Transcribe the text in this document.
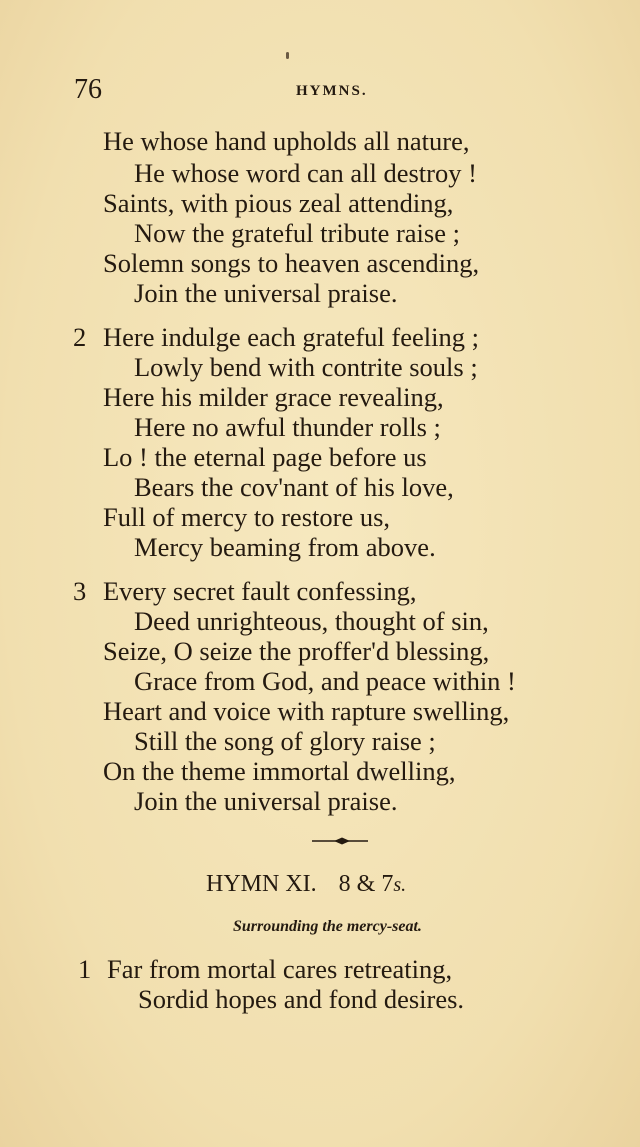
76	HYMNS.
He whose hand upholds all nature,
He whose word can all destroy !
Saints, with pious zeal attending,
Now the grateful tribute raise ;
Solemn songs to heaven ascending,
Join the universal praise.
2 Here indulge each grateful feeling ;
Lowly bend with contrite souls ;
Here his milder grace revealing,
Here no awful thunder rolls ;
Lo ! the eternal page before us
Bears the cov'nant of his love,
Full of mercy to restore us,
Mercy beaming from above.
3 Every secret fault confessing,
Deed unrighteous, thought of sin,
Seize, O seize the proffer'd blessing,
Grace from God, and peace within !
Heart and voice with rapture swelling,
Still the song of glory raise ;
On the theme immortal dwelling,
Join the universal praise.
HYMN XI. 8 & 7s.
Surrounding the mercy-seat.
1 Far from mortal cares retreating,
Sordid hopes and fond desires.
